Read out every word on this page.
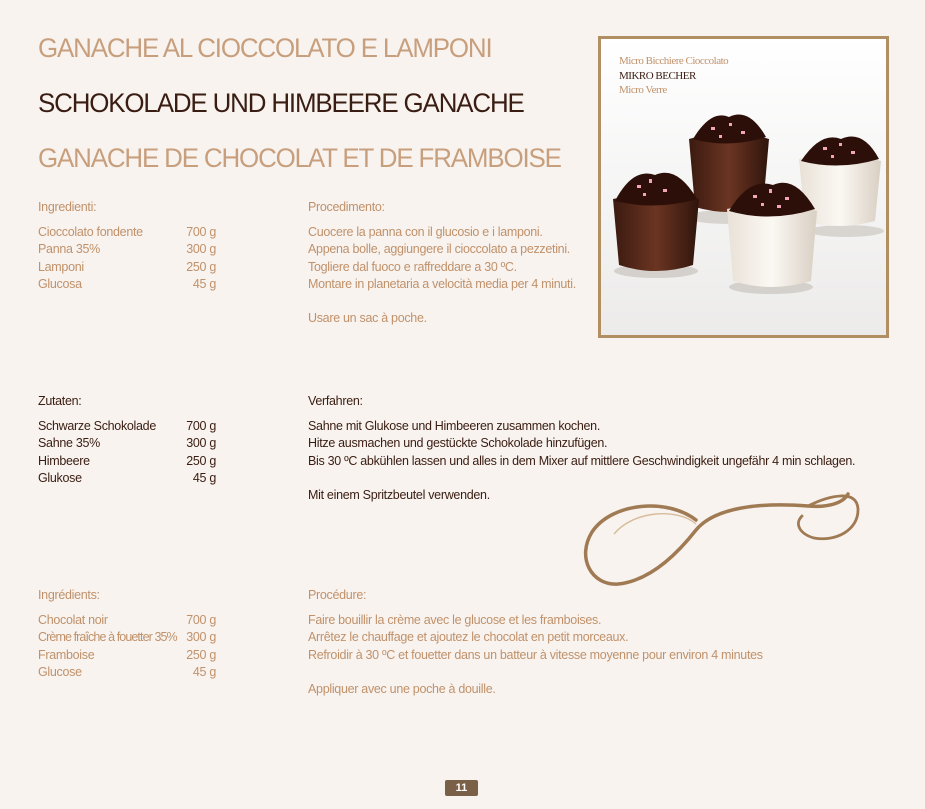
GANACHE AL CIOCCOLATO E LAMPONI
SCHOKOLADE UND HIMBEERE GANACHE
GANACHE DE CHOCOLAT ET DE FRAMBOISE
Micro Bicchiere Cioccolato
MIKRO BECHER
Micro Verre
Ingredienti:	Procedimento:
Cioccolato fondente	700 g
Panna 35%	300 g
Lamponi	250 g
Glucosa	45 g
Cuocere la panna con il glucosio e i lamponi.
Appena bolle, aggiungere il cioccolato a pezzetini.
Togliere dal fuoco e raffreddare a 30 ºC.
Montare in planetaria a velocità media per 4 minuti.
Usare un sac à poche.
Zutaten:	Verfahren:
Schwarze Schokolade 700 g
Sahne 35%	300 g
Himbeere	250 g
Glukose	45 g
Sahne mit Glukose und Himbeeren zusammen kochen.
Hitze ausmachen und gestückte Schokolade hinzufügen.
Bis 30 ºC abkühlen lassen und alles in dem Mixer auf mittlere Geschwindigkeit ungefähr 4 min schlagen.
Mit einem Spritzbeutel verwenden.
Ingrédients:	Procédure:
Chocolat noir	700 g
Crème fraîche à fouetter 35% 300 g
Framboise	250 g
Glucose	45 g
Faire bouillir la crème avec le glucose et les framboises.
Arrêtez le chauffage et ajoutez le chocolat en petit morceaux.
Refroidir à 30 ºC et fouetter dans un batteur à vitesse moyenne pour environ 4 minutes
Appliquer avec une poche à douille.
11
